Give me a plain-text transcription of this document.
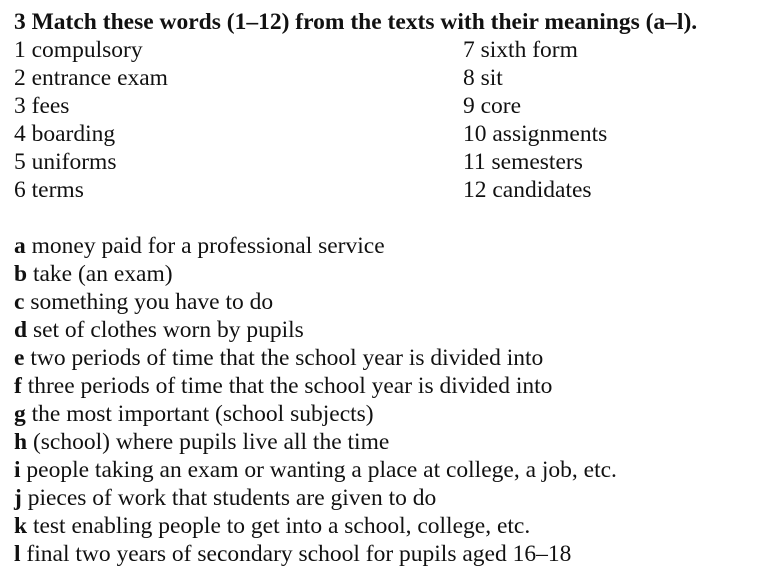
3 Match these words (1–12) from the texts with their meanings (a–l).
1 compulsory	7 sixth form
2 entrance exam	8 sit
3 fees	9 core
4 boarding	10 assignments
5 uniforms	11 semesters
6 terms	12 candidates
a money paid for a professional service
b take (an exam)
c something you have to do
d set of clothes worn by pupils
e two periods of time that the school year is divided into
f three periods of time that the school year is divided into
g the most important (school subjects)
h (school) where pupils live all the time
i people taking an exam or wanting a place at college, a job, etc.
j pieces of work that students are given to do
k test enabling people to get into a school, college, etc.
l final two years of secondary school for pupils aged 16–18
